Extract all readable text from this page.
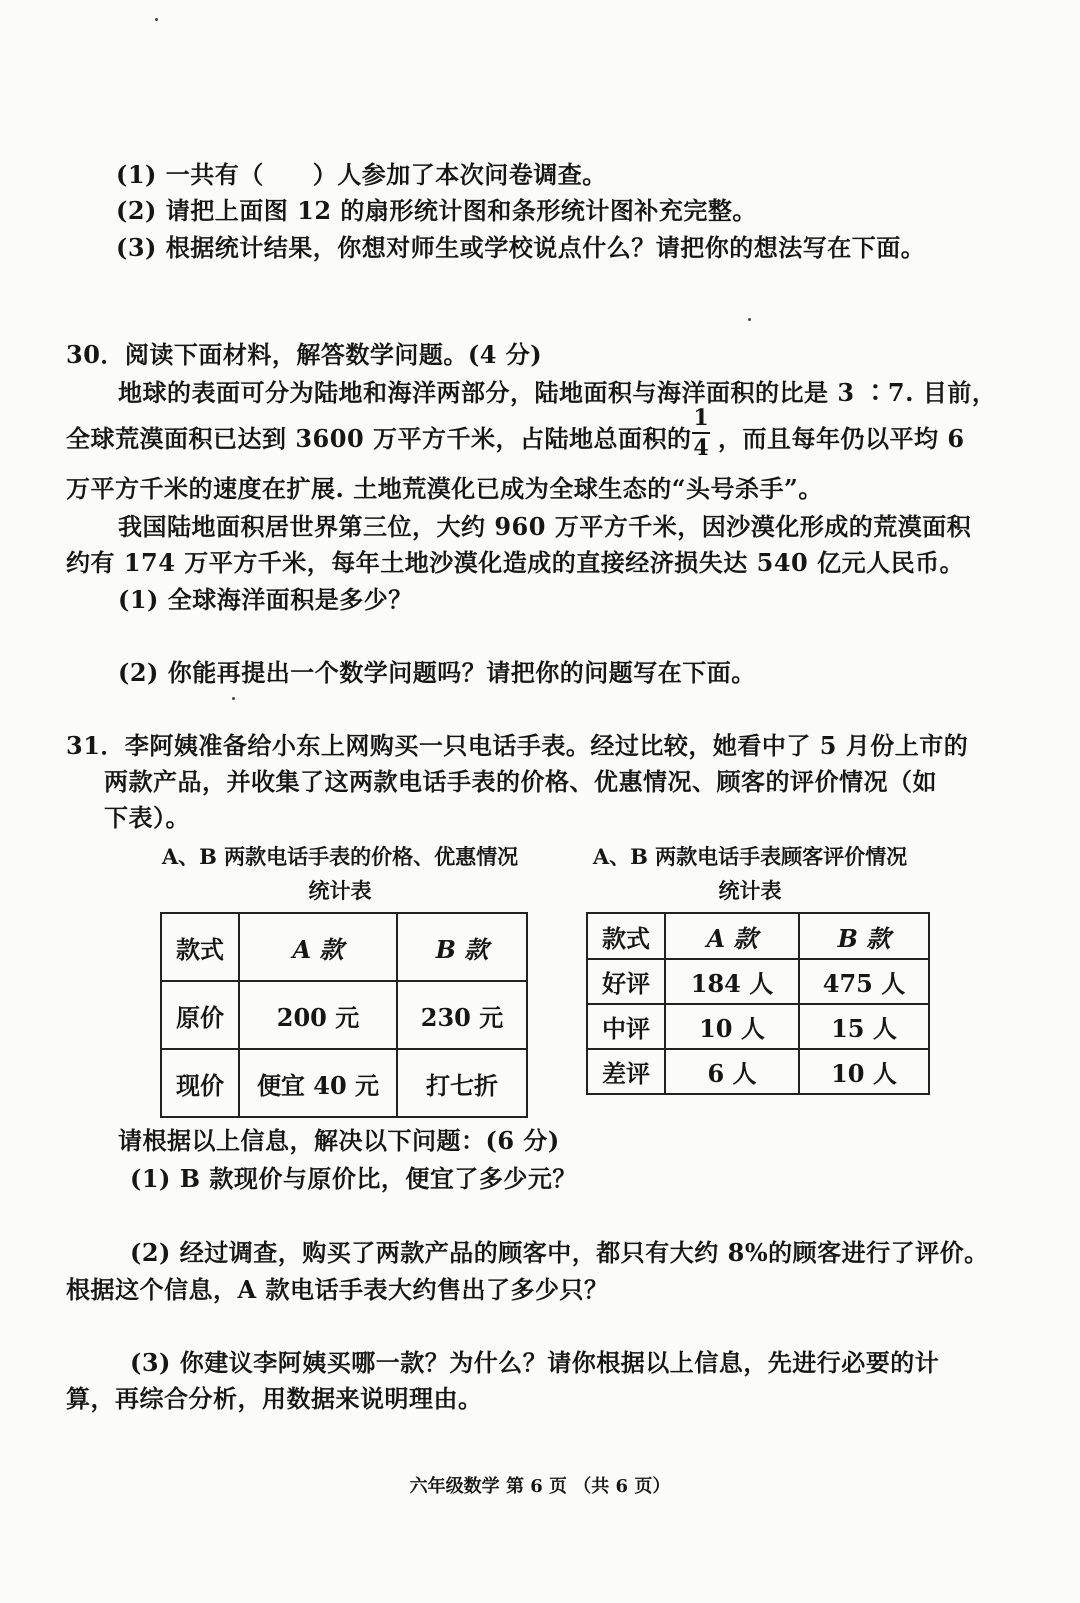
(1) 一共有（　　）人参加了本次问卷调查。
(2) 请把上面图 12 的扇形统计图和条形统计图补充完整。
(3) 根据统计结果，你想对师生或学校说点什么？请把你的想法写在下面。
30．阅读下面材料，解答数学问题。(4 分)
地球的表面可分为陆地和海洋两部分，陆地面积与海洋面积的比是 3 ∶7. 目前，
全球荒漠面积已达到 3600 万平方千米，占陆地总面积的
1
4 ，而且每年仍以平均 6
万平方千米的速度在扩展. 土地荒漠化已成为全球生态的“头号杀手”。
我国陆地面积居世界第三位，大约 960 万平方千米，因沙漠化形成的荒漠面积
约有 174 万平方千米，每年土地沙漠化造成的直接经济损失达 540 亿元人民币。
(1) 全球海洋面积是多少？
(2) 你能再提出一个数学问题吗？请把你的问题写在下面。
31．李阿姨准备给小东上网购买一只电话手表。经过比较，她看中了 5 月份上市的
两款产品，并收集了这两款电话手表的价格、优惠情况、顾客的评价情况（如
下表）。
A、B 两款电话手表的价格、优惠情况
统计表
款式	A 款	B 款
原价	200 元	230 元
现价	便宜 40 元	打七折
A、B 两款电话手表顾客评价情况
统计表
款式	A 款	B 款
好评	184 人	475 人
中评	10 人	15 人
差评	6 人	10 人
请根据以上信息，解决以下问题：(6 分)
(1) B 款现价与原价比，便宜了多少元？
(2) 经过调查，购买了两款产品的顾客中，都只有大约 8%的顾客进行了评价。
根据这个信息，A 款电话手表大约售出了多少只？
(3) 你建议李阿姨买哪一款？为什么？请你根据以上信息，先进行必要的计
算，再综合分析，用数据来说明理由。
六年级数学 第 6 页 （共 6 页）
